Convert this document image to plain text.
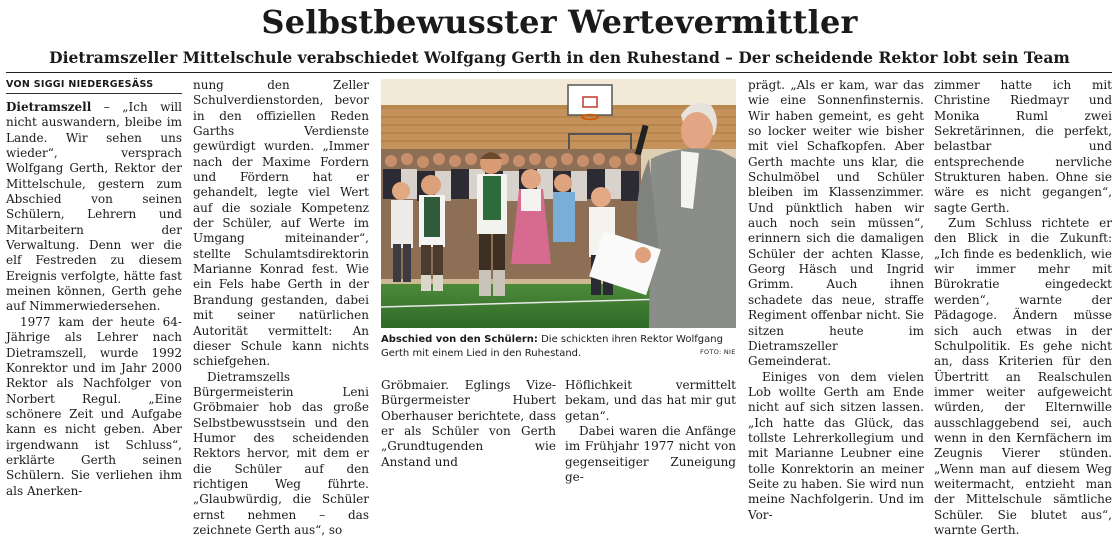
Selbstbewusster Wertevermittler
Dietramszeller Mittelschule verabschiedet Wolfgang Gerth in den Ruhestand – Der scheidende Rektor lobt sein Team
VON SIGGI NIEDERGESÄSS

Dietramszell – „Ich will nicht auswandern, bleibe im Lande. Wir sehen uns wieder“, versprach Wolfgang Gerth, Rektor der Mittelschule, gestern zum Abschied von seinen Schülern, Lehrern und Mitarbeitern der Verwaltung. Denn wer die elf Festreden zu diesem Ereignis verfolgte, hätte fast meinen können, Gerth gehe auf Nimmerwiedersehen.

1977 kam der heute 64-Jährige als Lehrer nach Dietramszell, wurde 1992 Konrektor und im Jahr 2000 Rektor als Nachfolger von Norbert Regul. „Eine schönere Zeit und Aufgabe kann es nicht geben. Aber irgendwann ist Schluss“, erklärte Gerth seinen Schülern. Sie verliehen ihm als Anerken-

nung den Zeller Schulverdienstorden, bevor in den offiziellen Reden Garths Verdienste gewürdigt wurden. „Immer nach der Maxime Fordern und Fördern hat er gehandelt, legte viel Wert auf die soziale Kompetenz der Schüler, auf Werte im Umgang miteinander“, stellte Schulamtsdirektorin Marianne Konrad fest. Wie ein Fels habe Gerth in der Brandung gestanden, dabei mit seiner natürlichen Autorität vermittelt: An dieser Schule kann nichts schiefgehen.

Dietramszells Bürgermeisterin Leni Gröbmaier hob das große Selbstbewusstsein und den Humor des scheidenden Rektors hervor, mit dem er die Schüler auf den richtigen Weg führte. „Glaubwürdig, die Schüler ernst nehmen – das zeichnete Gerth aus“, so

Abschied von den Schülern: Die schickten ihren Rektor Wolfgang Gerth mit einem Lied in den Ruhestand.	FOTO: NIE

Gröbmaier. Eglings Vize-Bürgermeister Hubert Oberhauser berichtete, dass er als Schüler von Gerth „Grundtugenden wie Anstand und

Höflichkeit vermittelt bekam, und das hat mir gut getan“.

Dabei waren die Anfänge im Frühjahr 1977 nicht von gegenseitiger Zuneigung ge-

prägt. „Als er kam, war das wie eine Sonnenfinsternis. Wir haben gemeint, es geht so locker weiter wie bisher mit viel Schafkopfen. Aber Gerth machte uns klar, die Schulmöbel und Schüler bleiben im Klassenzimmer. Und pünktlich haben wir auch noch sein müssen“, erinnern sich die damaligen Schüler der achten Klasse, Georg Häsch und Ingrid Grimm. Auch ihnen schadete das neue, straffe Regiment offenbar nicht. Sie sitzen heute im Dietramszeller Gemeinderat.

Einiges von dem vielen Lob wollte Gerth am Ende nicht auf sich sitzen lassen. „Ich hatte das Glück, das tollste Lehrerkollegium und mit Marianne Leubner eine tolle Konrektorin an meiner Seite zu haben. Sie wird nun meine Nachfolgerin. Und im Vor-

zimmer hatte ich mit Christine Riedmayr und Monika Ruml zwei Sekretärinnen, die perfekt, belastbar und entsprechende nervliche Strukturen haben. Ohne sie wäre es nicht gegangen“, sagte Gerth.

Zum Schluss richtete er den Blick in die Zukunft: „Ich finde es bedenklich, wie wir immer mehr mit Bürokratie eingedeckt werden“, warnte der Pädagoge. Ändern müsse sich auch etwas in der Schulpolitik. Es gehe nicht an, dass Kriterien für den Übertritt an Realschulen immer weiter aufgeweicht würden, der Elternwille ausschlaggebend sei, auch wenn in den Kernfächern im Zeugnis Vierer stünden. „Wenn man auf diesem Weg weitermacht, entzieht man der Mittelschule sämtliche Schüler. Sie blutet aus“, warnte Gerth.
